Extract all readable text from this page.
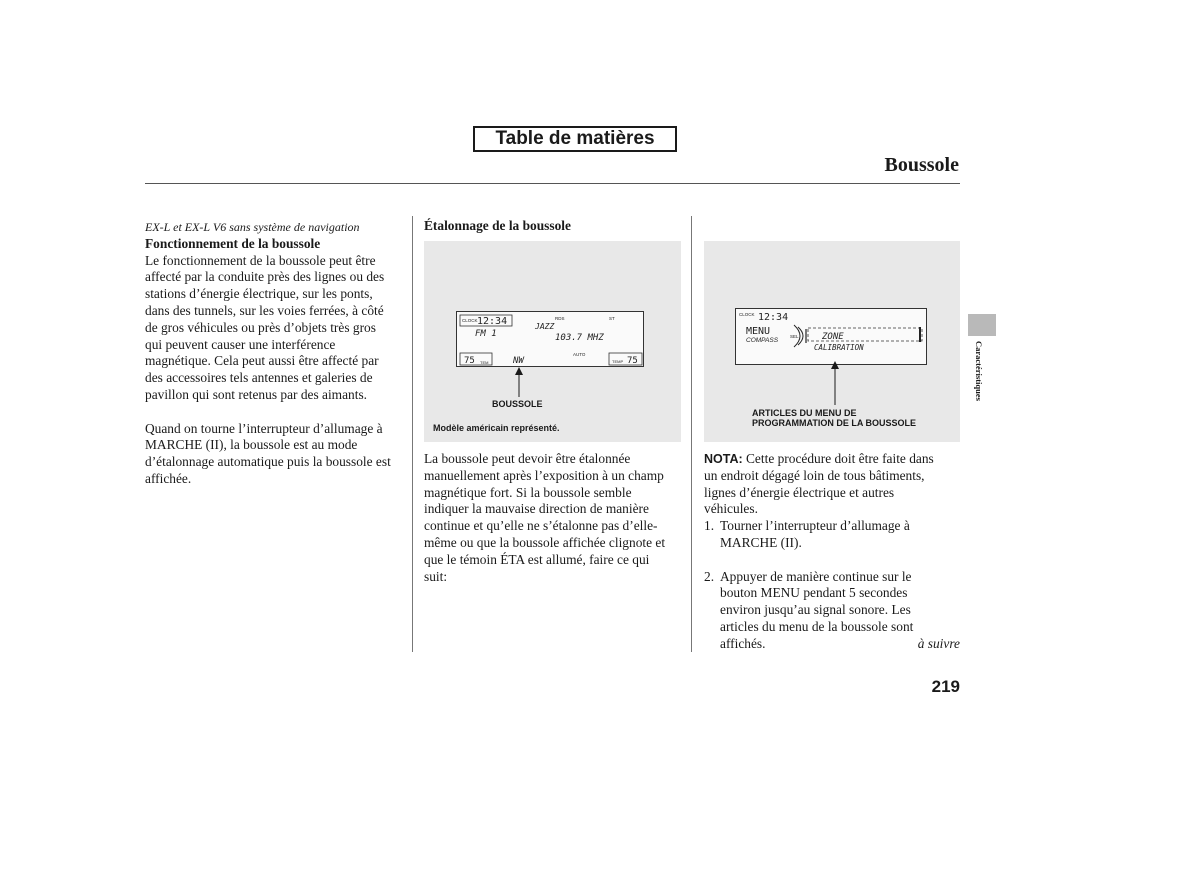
Table de matières
Boussole

EX-L et EX-L V6 sans système de navigation

Fonctionnement de la boussole

Le fonctionnement de la boussole peut être
affecté par la conduite près des lignes ou des
stations d’énergie électrique, sur les ponts,
dans des tunnels, sur les voies ferrées, à côté
de gros véhicules ou près d’objets très gros
qui peuvent causer une interférence
magnétique. Cela peut aussi être affecté par
des accessoires tels antennes et galeries de
pavillon qui sont retenus par des aimants.
Quand on tourne l’interrupteur d’allumage à
MARCHE (II), la boussole est au mode
d’étalonnage automatique puis la boussole est
affichée.

Étalonnage de la boussole

CLOCK 12:34
FM 1
RDS	ST
JAZZ
103.7 MHZ
75 TEM	NW
AUTO
TEMP 75
BOUSSOLE
Modèle américain représenté.
La boussole peut devoir être étalonnée
manuellement après l’exposition à un champ
magnétique fort. Si la boussole semble
indiquer la mauvaise direction de manière
continue et qu’elle ne s’étalonne pas d’elle-
même ou que la boussole affichée clignote et
que le témoin ÉTA est allumé, faire ce qui
suit:
CLOCK 12:34
MENU
COMPASS
SEL	ZONE
CALIBRATION
ARTICLES DU MENU DE
PROGRAMMATION DE LA BOUSSOLE
NOTA: Cette procédure doit être faite dans
un endroit dégagé loin de tous bâtiments,
lignes d’énergie électrique et autres
véhicules.
1. Tourner l’interrupteur d’allumage à
MARCHE (II).
2. Appuyer de manière continue sur le
bouton MENU pendant 5 secondes
environ jusqu’au signal sonore. Les
articles du menu de la boussole sont
affichés.	à suivre
Caractéristiques
219
